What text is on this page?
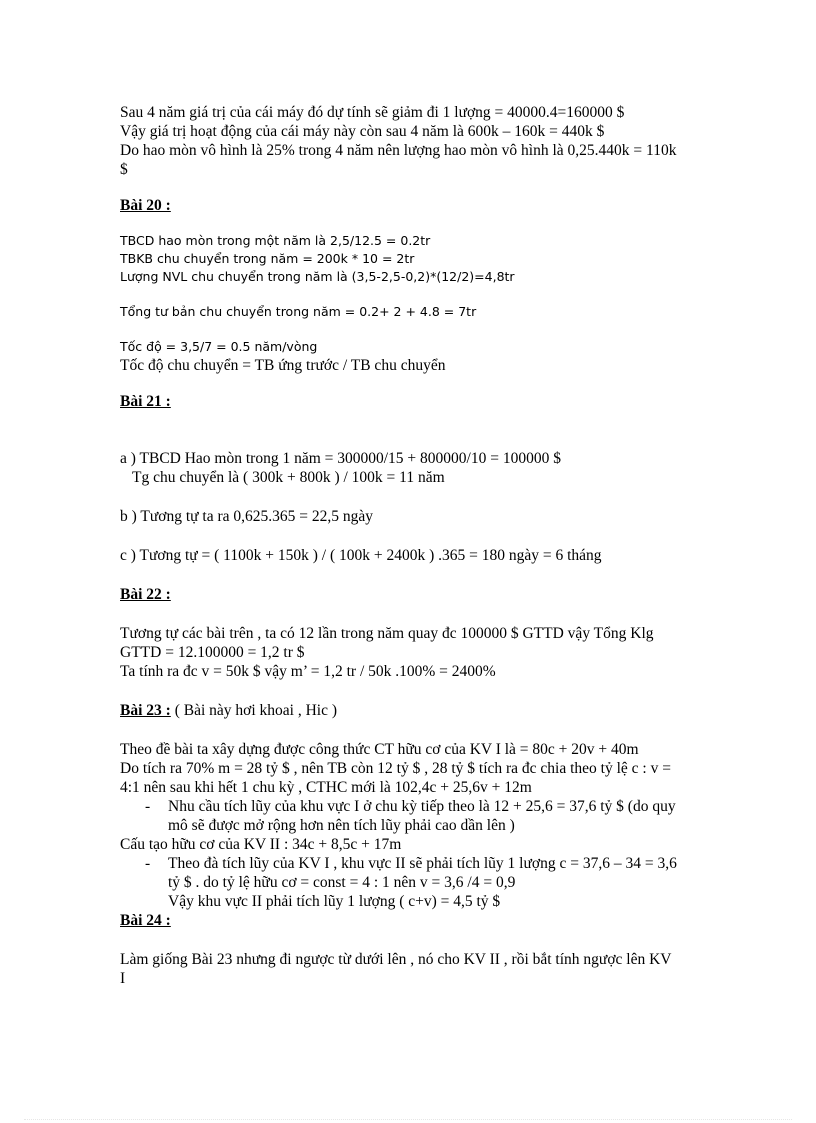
Sau 4 năm giá trị của cái máy đó dự tính sẽ giảm đi 1 lượng = 40000.4=160000 $
Vậy giá trị hoạt động của cái máy này còn sau 4 năm là 600k – 160k = 440k $
Do hao mòn vô hình là 25% trong 4 năm nên lượng hao mòn vô hình là 0,25.440k = 110k
$
Bài 20 :
TBCD hao mòn trong một năm là 2,5/12.5 = 0.2tr
TBKB chu chuyển trong năm = 200k * 10 = 2tr
Lượng NVL chu chuyển trong năm là (3,5-2,5-0,2)*(12/2)=4,8tr
Tổng tư bản chu chuyển trong năm = 0.2+ 2 + 4.8 = 7tr
Tốc độ = 3,5/7 = 0.5 năm/vòng
Tốc độ chu chuyển = TB ứng trước / TB chu chuyển
Bài 21 :
a ) TBCD Hao mòn trong 1 năm = 300000/15 + 800000/10 = 100000 $
Tg chu chuyển là ( 300k + 800k ) / 100k = 11 năm
b ) Tương tự ta ra 0,625.365 = 22,5 ngày
c ) Tương tự = ( 1100k + 150k ) / ( 100k + 2400k ) .365 = 180 ngày = 6 tháng
Bài 22 :
Tương tự các bài trên , ta có 12 lần trong năm quay đc 100000 $ GTTD vậy Tổng Klg
GTTD = 12.100000 = 1,2 tr $
Ta tính ra đc v = 50k $ vậy m’ = 1,2 tr / 50k .100% = 2400%
Bài 23 : ( Bài này hơi khoai , Hic )
Theo đề bài ta xây dựng được công thức CT hữu cơ của KV I là = 80c + 20v + 40m
Do tích ra 70% m = 28 tỷ $ , nên TB còn 12 tỷ $ , 28 tỷ $ tích ra đc chia theo tỷ lệ c : v =
4:1 nên sau khi hết 1 chu kỳ , CTHC mới là 102,4c + 25,6v + 12m
- Nhu cầu tích lũy của khu vực I ở chu kỳ tiếp theo là 12 + 25,6 = 37,6 tỷ $ (do quy
mô sẽ được mở rộng hơn nên tích lũy phải cao dần lên )
Cấu tạo hữu cơ của KV II : 34c + 8,5c + 17m
- Theo đà tích lũy của KV I , khu vực II sẽ phải tích lũy 1 lượng c = 37,6 – 34 = 3,6
tỷ $ . do tỷ lệ hữu cơ = const = 4 : 1 nên v = 3,6 /4 = 0,9
Vậy khu vực II phải tích lũy 1 lượng ( c+v) = 4,5 tỷ $
Bài 24 :
Làm giống Bài 23 nhưng đi ngược từ dưới lên , nó cho KV II , rồi bắt tính ngược lên KV
I
